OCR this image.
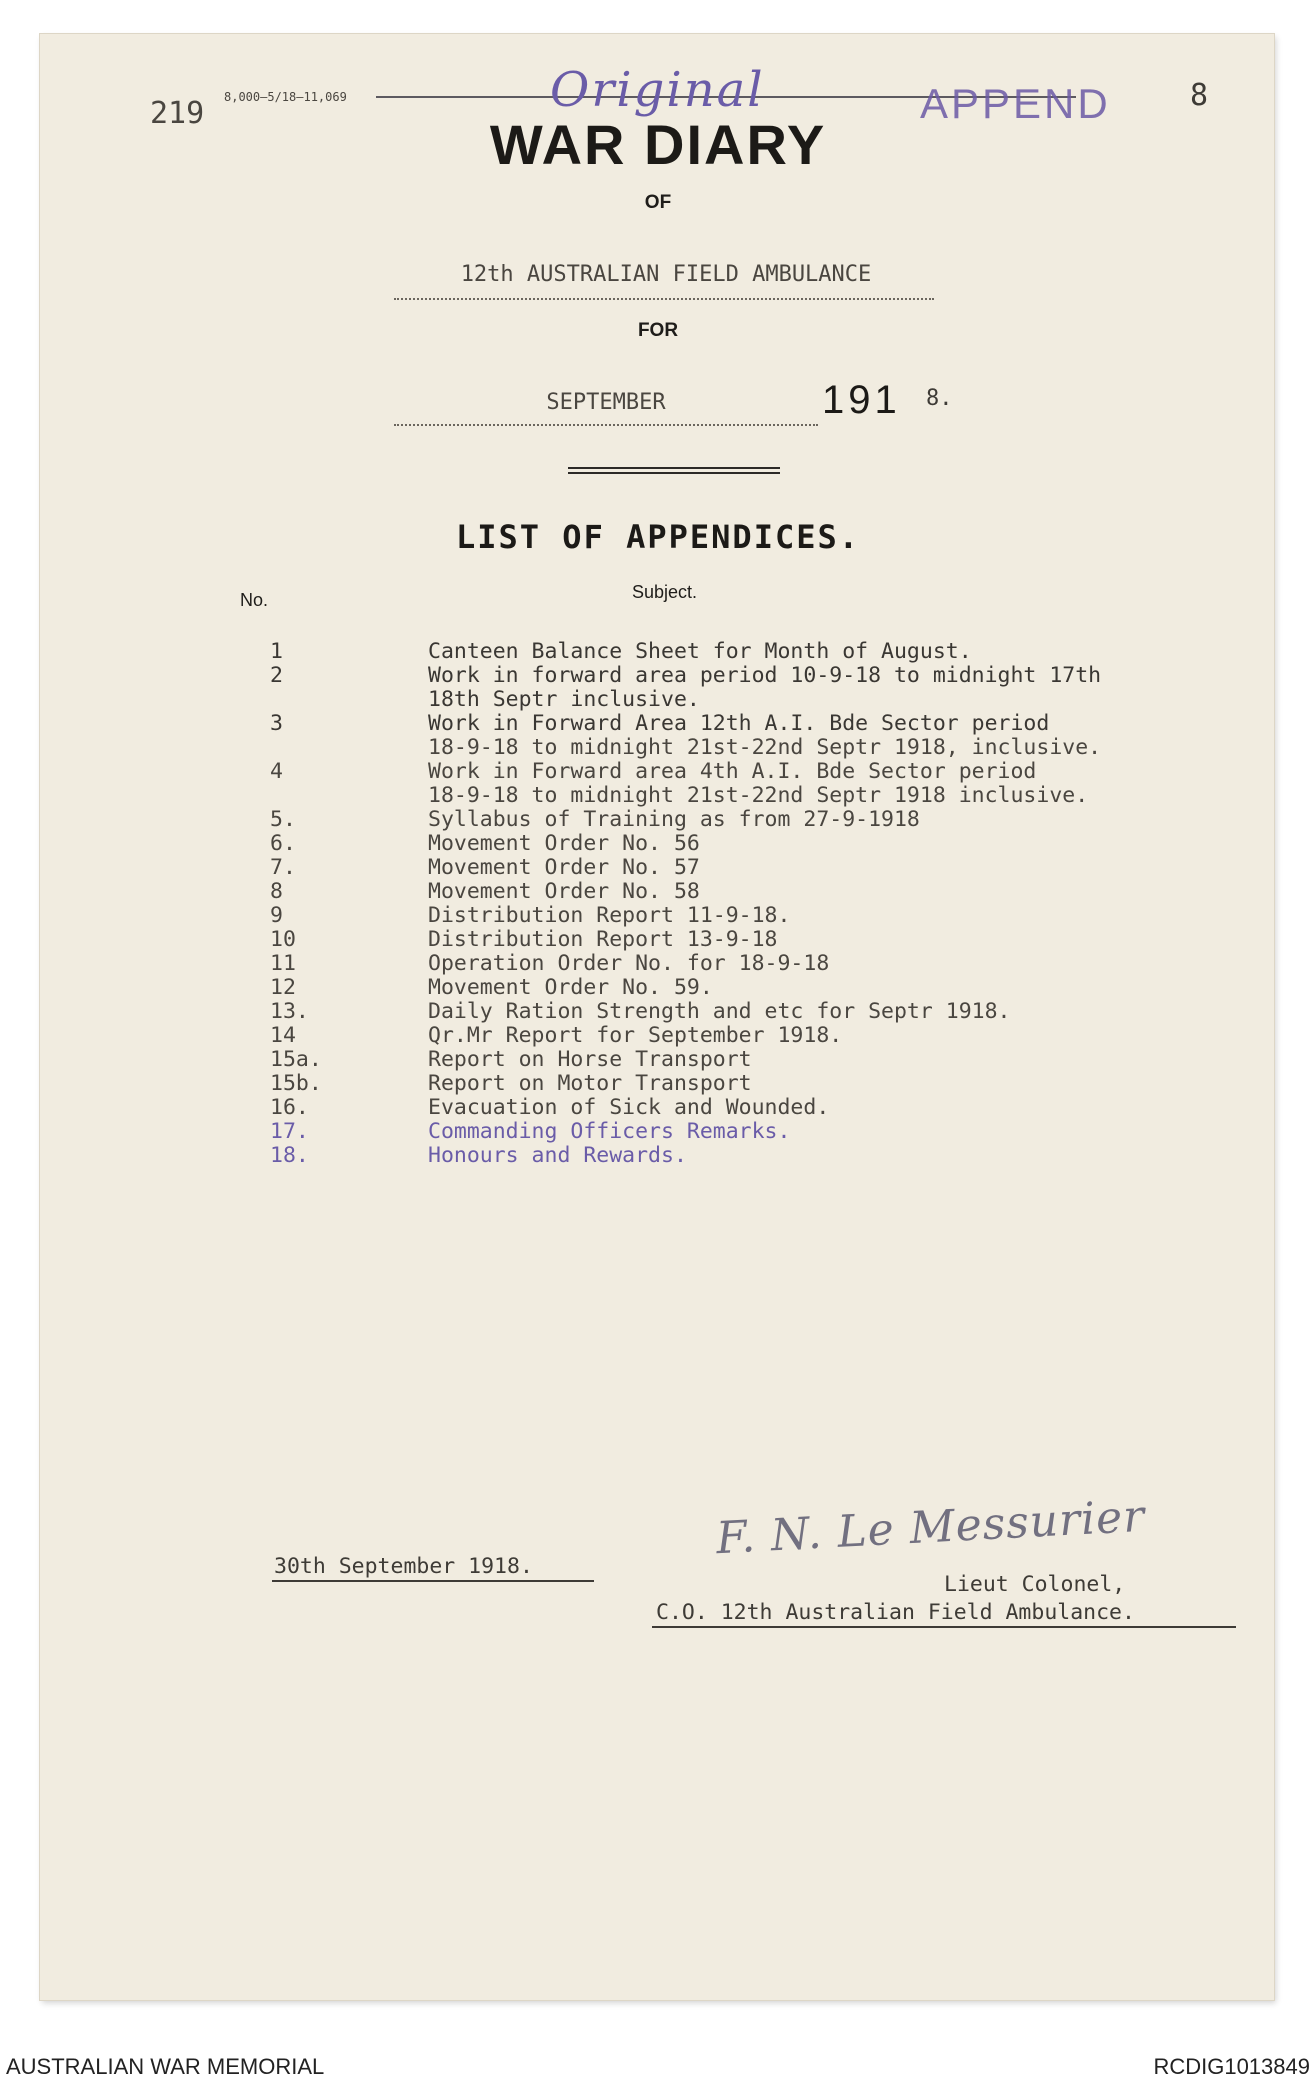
219 8,000—5/18—11,069	Original	APPEND	8
WAR DIARY
OF
12th AUSTRALIAN FIELD AMBULANCE
FOR
SEPTEMBER	191 8.
LIST OF APPENDICES.
No.	Subject.
1	Canteen Balance Sheet for Month of August.
2	Work in forward area period 10-9-18 to midnight 17th
18th Septr inclusive.
3	Work in Forward Area 12th A.I. Bde Sector period
18-9-18 to midnight 21st-22nd Septr 1918, inclusive.
4	Work in Forward area 4th A.I. Bde Sector period
18-9-18 to midnight 21st-22nd Septr 1918 inclusive.
5.	Syllabus of Training as from 27-9-1918
6.	Movement Order No. 56
7.	Movement Order No. 57
8	Movement Order No. 58
9	Distribution Report 11-9-18.
10	Distribution Report 13-9-18
11	Operation Order No. for 18-9-18
12	Movement Order No. 59.
13.	Daily Ration Strength and etc for Septr 1918.
14	Qr.Mr Report for September 1918.
15a.	Report on Horse Transport
15b.	Report on Motor Transport
16.	Evacuation of Sick and Wounded.
17.	Commanding Officers Remarks.
18.	Honours and Rewards.
30th September 1918.
F. N. Le Messurier
Lieut Colonel,
C.O. 12th Australian Field Ambulance.
AUSTRALIAN WAR MEMORIAL	RCDIG1013849
